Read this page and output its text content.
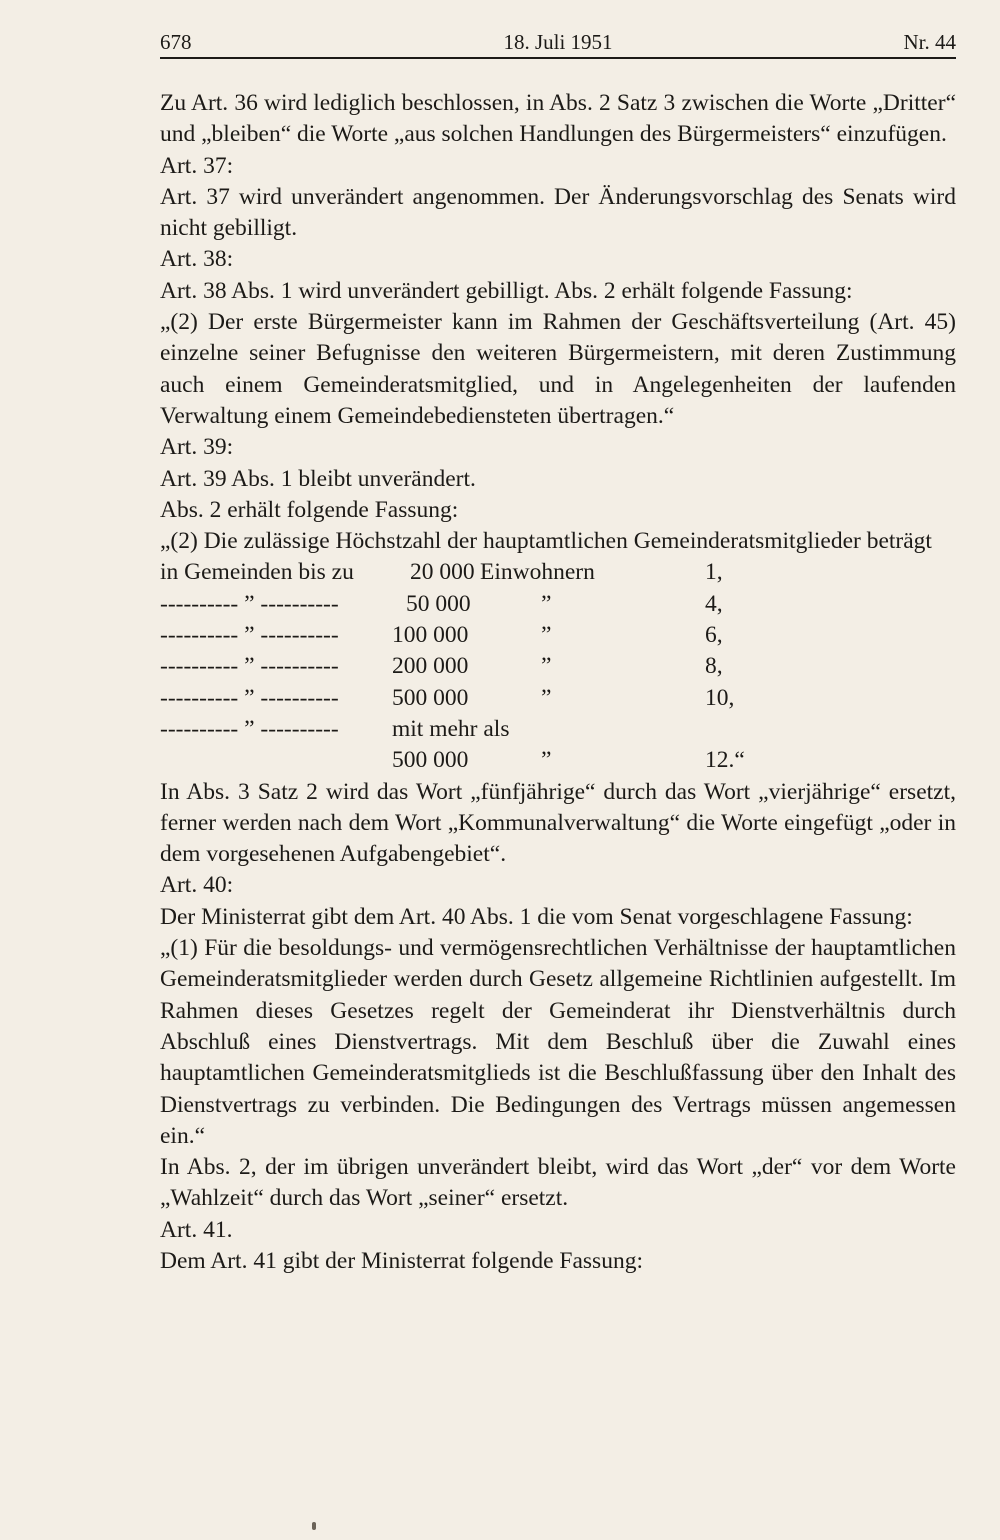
678	18. Juli 1951	Nr. 44

Zu Art. 36 wird lediglich beschlossen, in Abs. 2 Satz 3 zwischen die Worte „Dritter“ und „bleiben“ die Worte „aus solchen Handlungen des Bürgermeisters“ einzufügen.

Art. 37:

Art. 37 wird unverändert angenommen. Der Änderungsvorschlag des Senats wird nicht gebilligt.

Art. 38:

Art. 38 Abs. 1 wird unverändert gebilligt. Abs. 2 erhält folgende Fassung:

„(2) Der erste Bürgermeister kann im Rahmen der Geschäftsverteilung (Art. 45) einzelne seiner Befugnisse den weiteren Bürgermeistern, mit deren Zustimmung auch einem Gemeinderatsmitglied, und in Angelegenheiten der laufenden Verwaltung einem Gemeindebediensteten übertragen.“

Art. 39:

Art. 39 Abs. 1 bleibt unverändert.

Abs. 2 erhält folgende Fassung:

„(2) Die zulässige Höchstzahl der hauptamtlichen Gemeinderatsmitglieder beträgt

in Gemeinden bis zu 20 000 Einwohnern	1,
---------- ” ----------	50 000	”	4,
---------- ” ---------- 100 000	”	6,
---------- ” ---------- 200 000	”	8,
---------- ” ---------- 500 000	”	10,
---------- ” ---------- mit mehr als
500 000	”	12.“

In Abs. 3 Satz 2 wird das Wort „fünfjährige“ durch das Wort „vierjährige“ ersetzt, ferner werden nach dem Wort „Kommunalverwaltung“ die Worte eingefügt „oder in dem vorgesehenen Aufgabengebiet“.

Art. 40:

Der Ministerrat gibt dem Art. 40 Abs. 1 die vom Senat vorgeschlagene Fassung:

„(1) Für die besoldungs- und vermögensrechtlichen Verhältnisse der hauptamtlichen Gemeinderatsmitglieder werden durch Gesetz allgemeine Richtlinien aufgestellt. Im Rahmen dieses Gesetzes regelt der Gemeinderat ihr Dienstverhältnis durch Abschluß eines Dienstvertrags. Mit dem Beschluß über die Zuwahl eines hauptamtlichen Gemeinderatsmitglieds ist die Beschlußfassung über den Inhalt des Dienstvertrags zu verbinden. Die Bedingungen des Vertrags müssen angemessen ein.“

In Abs. 2, der im übrigen unverändert bleibt, wird das Wort „der“ vor dem Worte „Wahlzeit“ durch das Wort „seiner“ ersetzt.

Art. 41.

Dem Art. 41 gibt der Ministerrat folgende Fassung:
